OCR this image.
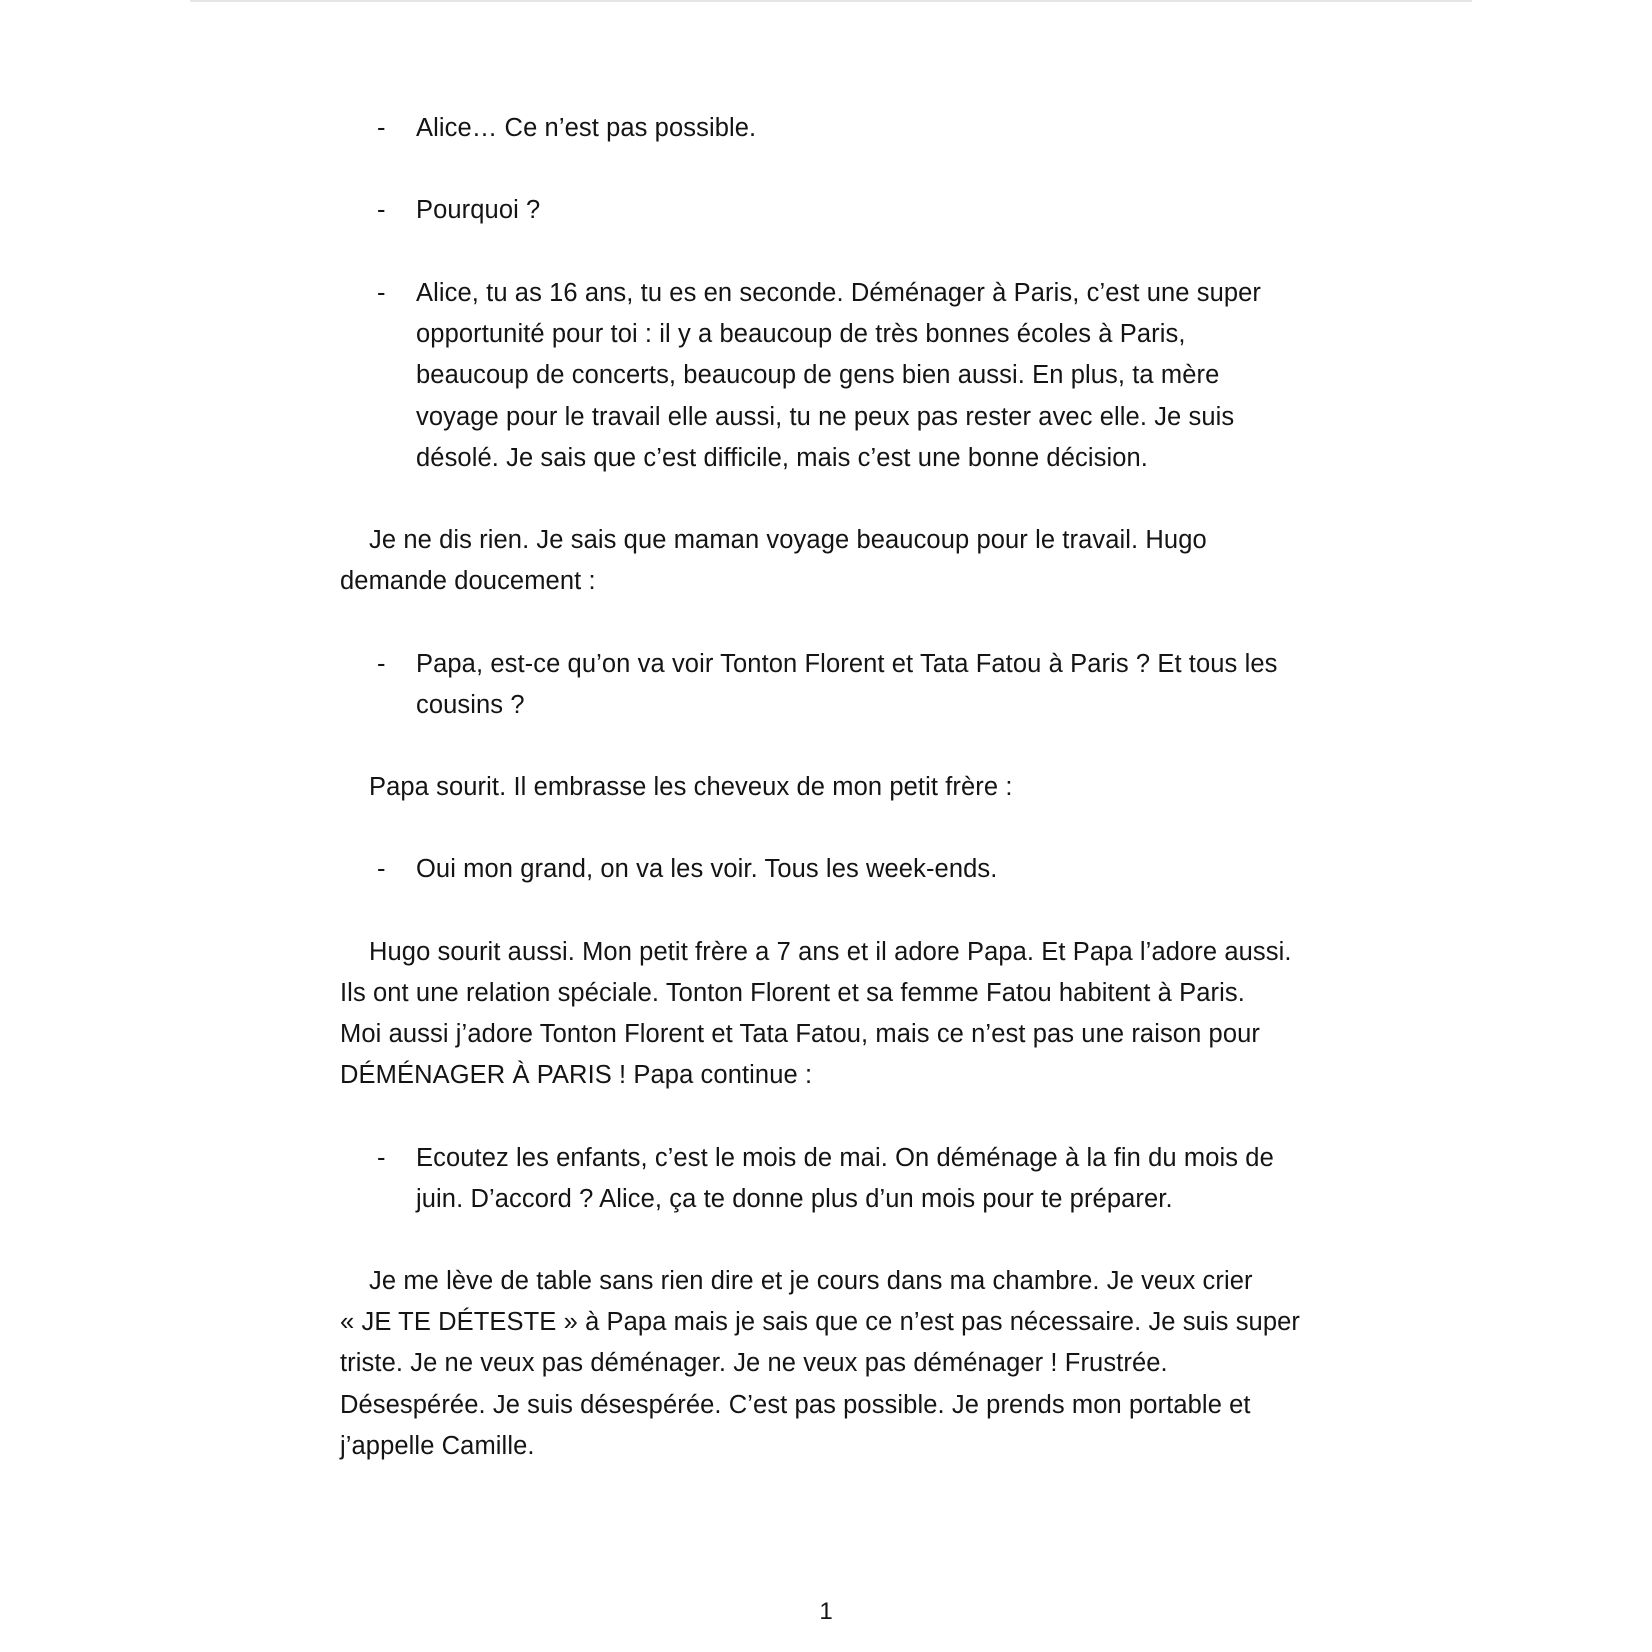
- Alice… Ce n’est pas possible.
- Pourquoi ?
- Alice, tu as 16 ans, tu es en seconde. Déménager à Paris, c’est une super
opportunité pour toi : il y a beaucoup de très bonnes écoles à Paris,
beaucoup de concerts, beaucoup de gens bien aussi. En plus, ta mère
voyage pour le travail elle aussi, tu ne peux pas rester avec elle. Je suis
désolé. Je sais que c’est difficile, mais c’est une bonne décision.
Je ne dis rien. Je sais que maman voyage beaucoup pour le travail. Hugo
demande doucement :
- Papa, est-ce qu’on va voir Tonton Florent et Tata Fatou à Paris ? Et tous les
cousins ?
Papa sourit. Il embrasse les cheveux de mon petit frère :
- Oui mon grand, on va les voir. Tous les week-ends.
Hugo sourit aussi. Mon petit frère a 7 ans et il adore Papa. Et Papa l’adore aussi.
Ils ont une relation spéciale. Tonton Florent et sa femme Fatou habitent à Paris.
Moi aussi j’adore Tonton Florent et Tata Fatou, mais ce n’est pas une raison pour
DÉMÉNAGER À PARIS ! Papa continue :
- Ecoutez les enfants, c’est le mois de mai. On déménage à la fin du mois de
juin. D’accord ? Alice, ça te donne plus d’un mois pour te préparer.
Je me lève de table sans rien dire et je cours dans ma chambre. Je veux crier
« JE TE DÉTESTE » à Papa mais je sais que ce n’est pas nécessaire. Je suis super
triste. Je ne veux pas déménager. Je ne veux pas déménager ! Frustrée.
Désespérée. Je suis désespérée. C’est pas possible. Je prends mon portable et
j’appelle Camille.
1
